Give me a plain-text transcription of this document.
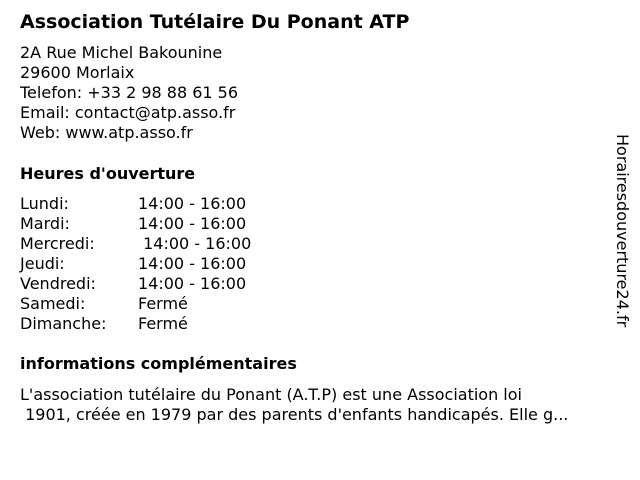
Association Tutélaire Du Ponant ATP
2A Rue Michel Bakounine
29600 Morlaix
Telefon: +33 2 98 88 61 56
Email: contact@atp.asso.fr
Web: www.atp.asso.fr
Heures d'ouverture
Lundi:	14:00 - 16:00
Mardi:	14:00 - 16:00
Mercredi:	14:00 - 16:00
Jeudi:	14:00 - 16:00
Vendredi:	14:00 - 16:00
Samedi:	Fermé
Dimanche:	Fermé
informations complémentaires
L'association tutélaire du Ponant (A.T.P) est une Association loi
1901, créée en 1979 par des parents d'enfants handicapés. Elle g...
Horairesdouverture24.fr
